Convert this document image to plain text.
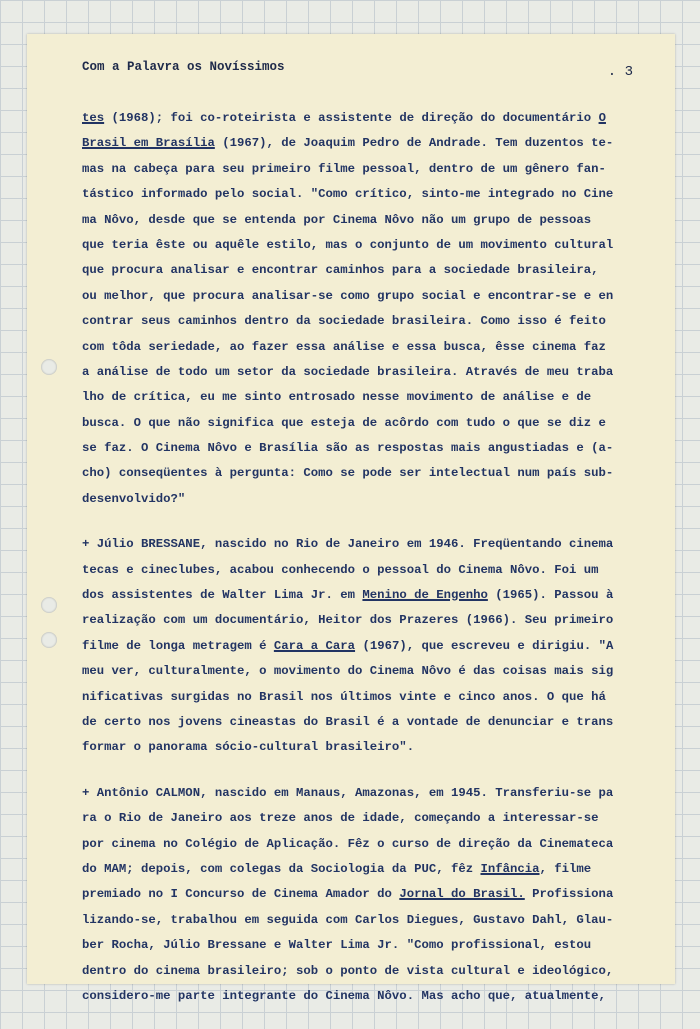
Com a Palavra os Novíssimos	. 3
tes (1968); foi co-roteirista e assistente de direção do documentário O
Brasil em Brasília (1967), de Joaquim Pedro de Andrade. Tem duzentos te-
mas na cabeça para seu primeiro filme pessoal, dentro de um gênero fan-
tástico informado pelo social. "Como crítico, sinto-me integrado no Cine
ma Nôvo, desde que se entenda por Cinema Nôvo não um grupo de pessoas
que teria êste ou aquêle estilo, mas o conjunto de um movimento cultural
que procura analisar e encontrar caminhos para a sociedade brasileira,
ou melhor, que procura analisar-se como grupo social e encontrar-se e en
contrar seus caminhos dentro da sociedade brasileira. Como isso é feito
com tôda seriedade, ao fazer essa análise e essa busca, êsse cinema faz
a análise de todo um setor da sociedade brasileira. Através de meu traba
lho de crítica, eu me sinto entrosado nesse movimento de análise e de
busca. O que não significa que esteja de acôrdo com tudo o que se diz e
se faz. O Cinema Nôvo e Brasília são as respostas mais angustiadas e (a-
cho) conseqüentes à pergunta: Como se pode ser intelectual num país sub-
desenvolvido?"
+ Júlio BRESSANE, nascido no Rio de Janeiro em 1946. Freqüentando cinema
tecas e cineclubes, acabou conhecendo o pessoal do Cinema Nôvo. Foi um
dos assistentes de Walter Lima Jr. em Menino de Engenho (1965). Passou à
realização com um documentário, Heitor dos Prazeres (1966). Seu primeiro
filme de longa metragem é Cara a Cara (1967), que escreveu e dirigiu. "A
meu ver, culturalmente, o movimento do Cinema Nôvo é das coisas mais sig
nificativas surgidas no Brasil nos últimos vinte e cinco anos. O que há
de certo nos jovens cineastas do Brasil é a vontade de denunciar e trans
formar o panorama sócio-cultural brasileiro".
+ Antônio CALMON, nascido em Manaus, Amazonas, em 1945. Transferiu-se pa
ra o Rio de Janeiro aos treze anos de idade, começando a interessar-se
por cinema no Colégio de Aplicação. Fêz o curso de direção da Cinemateca
do MAM; depois, com colegas da Sociologia da PUC, fêz Infância, filme
premiado no I Concurso de Cinema Amador do Jornal do Brasil. Profissiona
lizando-se, trabalhou em seguida com Carlos Diegues, Gustavo Dahl, Glau-
ber Rocha, Júlio Bressane e Walter Lima Jr. "Como profissional, estou
dentro do cinema brasileiro; sob o ponto de vista cultural e ideológico,
considero-me parte integrante do Cinema Nôvo. Mas acho que, atualmente,
